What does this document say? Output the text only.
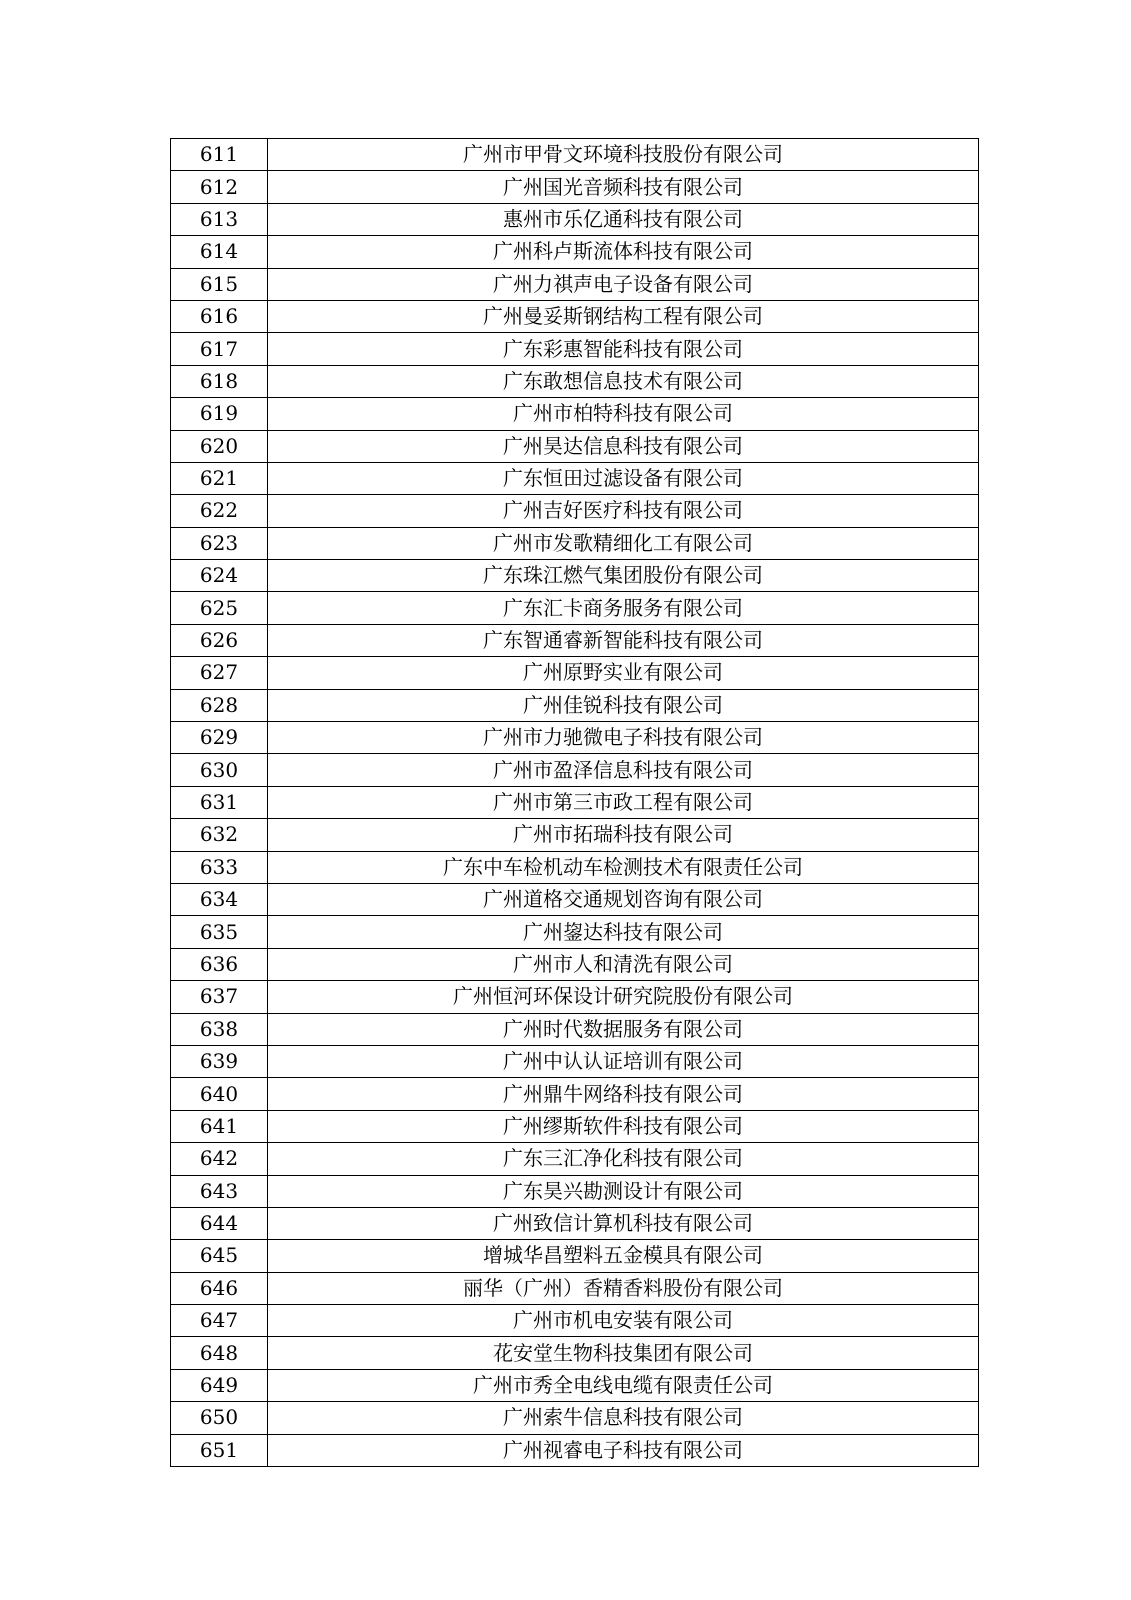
611	广州市甲骨文环境科技股份有限公司
612	广州国光音频科技有限公司
613	惠州市乐亿通科技有限公司
614	广州科卢斯流体科技有限公司
615	广州力祺声电子设备有限公司
616	广州曼妥斯钢结构工程有限公司
617	广东彩惠智能科技有限公司
618	广东敢想信息技术有限公司
619	广州市柏特科技有限公司
620	广州昊达信息科技有限公司
621	广东恒田过滤设备有限公司
622	广州吉好医疗科技有限公司
623	广州市发歌精细化工有限公司
624	广东珠江燃气集团股份有限公司
625	广东汇卡商务服务有限公司
626	广东智通睿新智能科技有限公司
627	广州原野实业有限公司
628	广州佳锐科技有限公司
629	广州市力驰微电子科技有限公司
630	广州市盈泽信息科技有限公司
631	广州市第三市政工程有限公司
632	广州市拓瑞科技有限公司
633	广东中车检机动车检测技术有限责任公司
634	广州道格交通规划咨询有限公司
635	广州鋆达科技有限公司
636	广州市人和清洗有限公司
637	广州恒河环保设计研究院股份有限公司
638	广州时代数据服务有限公司
639	广州中认认证培训有限公司
640	广州鼎牛网络科技有限公司
641	广州缪斯软件科技有限公司
642	广东三汇净化科技有限公司
643	广东昊兴勘测设计有限公司
644	广州致信计算机科技有限公司
645	增城华昌塑料五金模具有限公司
646	丽华（广州）香精香料股份有限公司
647	广州市机电安装有限公司
648	花安堂生物科技集团有限公司
649	广州市秀全电线电缆有限责任公司
650	广州索牛信息科技有限公司
651	广州视睿电子科技有限公司
